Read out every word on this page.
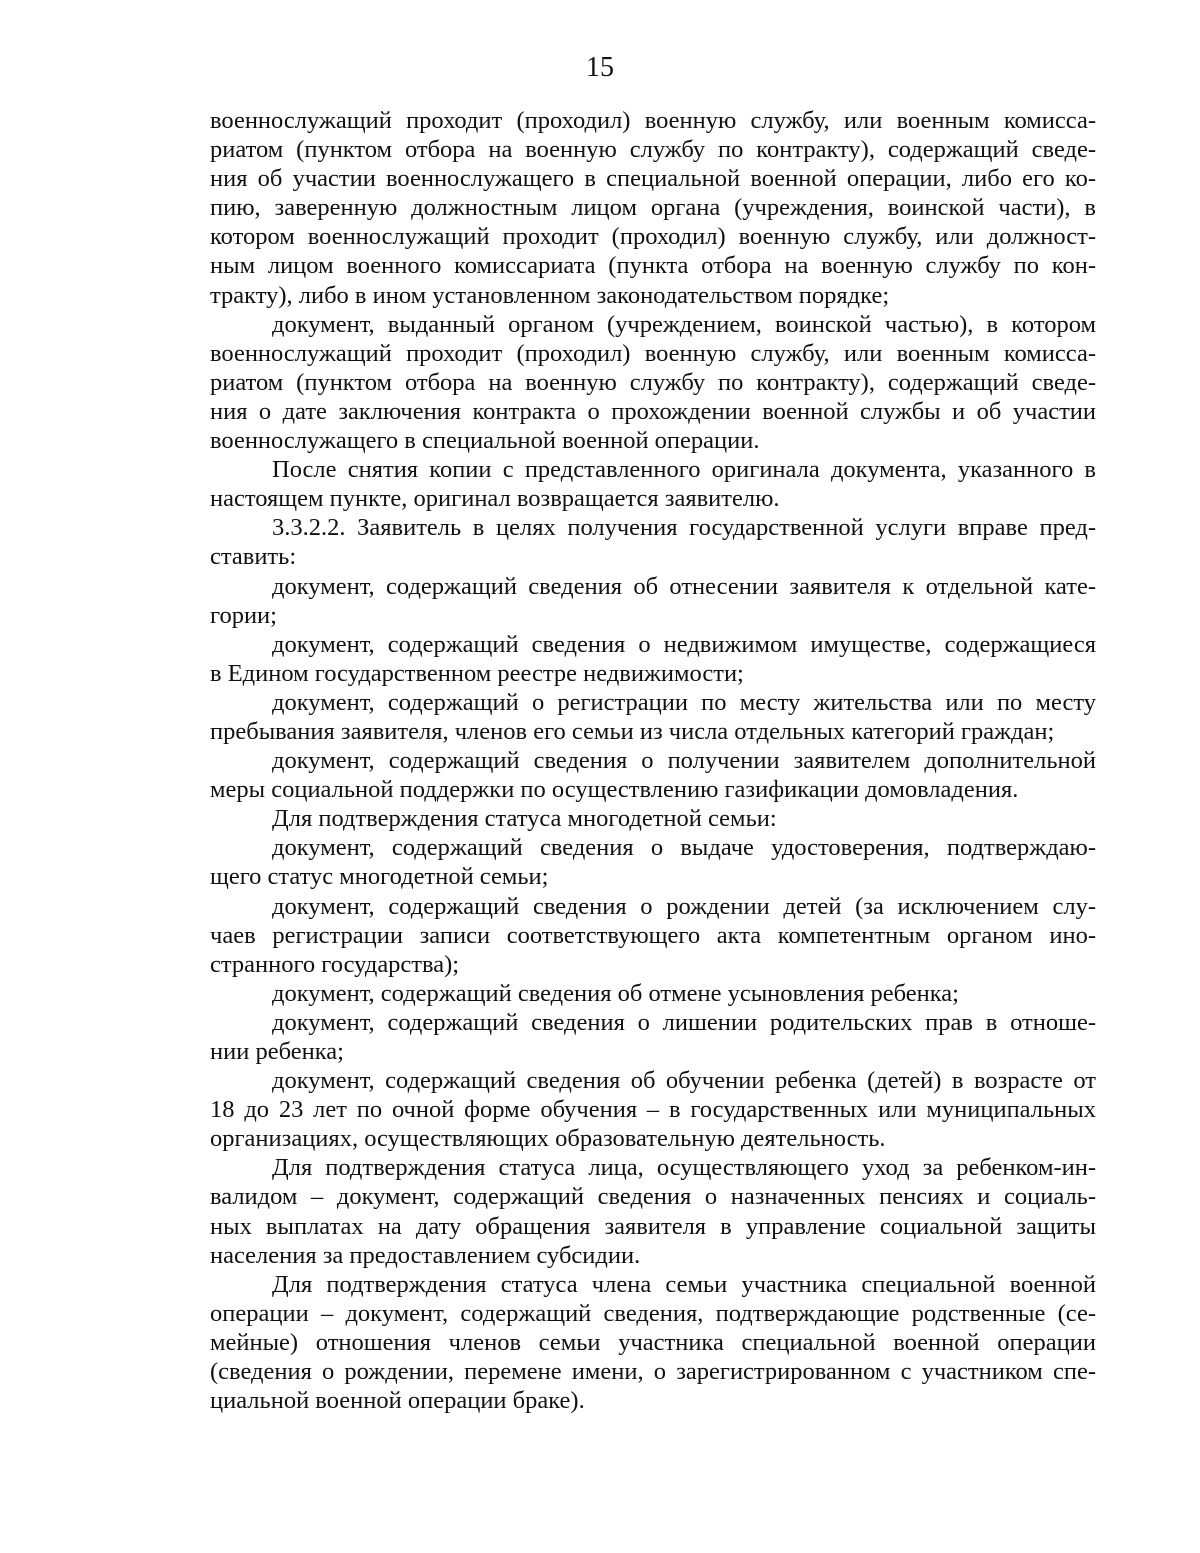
15
военнослужащий проходит (проходил) военную службу, или военным комисса-
риатом (пунктом отбора на военную службу по контракту), содержащий сведе-
ния об участии военнослужащего в специальной военной операции, либо его ко-
пию, заверенную должностным лицом органа (учреждения, воинской части), в
котором военнослужащий проходит (проходил) военную службу, или должност-
ным лицом военного комиссариата (пункта отбора на военную службу по кон-
тракту), либо в ином установленном законодательством порядке;
документ, выданный органом (учреждением, воинской частью), в котором
военнослужащий проходит (проходил) военную службу, или военным комисса-
риатом (пунктом отбора на военную службу по контракту), содержащий сведе-
ния о дате заключения контракта о прохождении военной службы и об участии
военнослужащего в специальной военной операции.
После снятия копии с представленного оригинала документа, указанного в
настоящем пункте, оригинал возвращается заявителю.
3.3.2.2. Заявитель в целях получения государственной услуги вправе пред-
ставить:
документ, содержащий сведения об отнесении заявителя к отдельной кате-
гории;
документ, содержащий сведения о недвижимом имуществе, содержащиеся
в Едином государственном реестре недвижимости;
документ, содержащий о регистрации по месту жительства или по месту
пребывания заявителя, членов его семьи из числа отдельных категорий граждан;
документ, содержащий сведения о получении заявителем дополнительной
меры социальной поддержки по осуществлению газификации домовладения.
Для подтверждения статуса многодетной семьи:
документ, содержащий сведения о выдаче удостоверения, подтверждаю-
щего статус многодетной семьи;
документ, содержащий сведения о рождении детей (за исключением слу-
чаев регистрации записи соответствующего акта компетентным органом ино-
странного государства);
документ, содержащий сведения об отмене усыновления ребенка;
документ, содержащий сведения о лишении родительских прав в отноше-
нии ребенка;
документ, содержащий сведения об обучении ребенка (детей) в возрасте от
18 до 23 лет по очной форме обучения – в государственных или муниципальных
организациях, осуществляющих образовательную деятельность.
Для подтверждения статуса лица, осуществляющего уход за ребенком-ин-
валидом – документ, содержащий сведения о назначенных пенсиях и социаль-
ных выплатах на дату обращения заявителя в управление социальной защиты
населения за предоставлением субсидии.
Для подтверждения статуса члена семьи участника специальной военной
операции – документ, содержащий сведения, подтверждающие родственные (се-
мейные) отношения членов семьи участника специальной военной операции
(сведения о рождении, перемене имени, о зарегистрированном с участником спе-
циальной военной операции браке).
